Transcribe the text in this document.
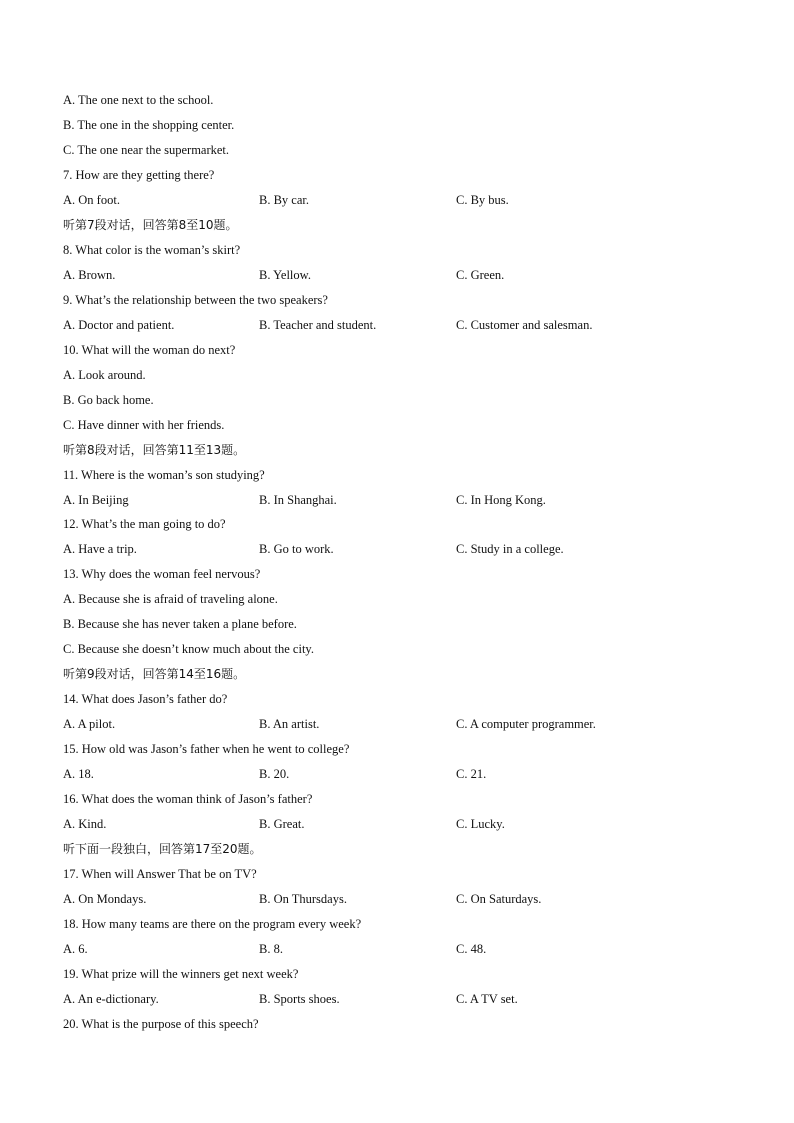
A. The one next to the school.
B. The one in the shopping center.
C. The one near the supermarket.
7. How are they getting there?
A. On foot.	B. By car.	C. By bus.
听第7段对话，回答第8至10题。
8. What color is the woman’s skirt?
A. Brown.	B. Yellow.	C. Green.
9. What’s the relationship between the two speakers?
A. Doctor and patient.	B. Teacher and student.	C. Customer and salesman.
10. What will the woman do next?
A. Look around.
B. Go back home.
C. Have dinner with her friends.
听第8段对话，回答第11至13题。
11. Where is the woman’s son studying?
A. In Beijing	B. In Shanghai.	C. In Hong Kong.
12. What’s the man going to do?
A. Have a trip.	B. Go to work.	C. Study in a college.
13. Why does the woman feel nervous?
A. Because she is afraid of traveling alone.
B. Because she has never taken a plane before.
C. Because she doesn’t know much about the city.
听第9段对话，回答第14至16题。
14. What does Jason’s father do?
A. A pilot.	B. An artist.	C. A computer programmer.
15. How old was Jason’s father when he went to college?
A. 18.	B. 20.	C. 21.
16. What does the woman think of Jason’s father?
A. Kind.	B. Great.	C. Lucky.
听下面一段独白，回答第17至20题。
17. When will Answer That be on TV?
A. On Mondays.	B. On Thursdays.	C. On Saturdays.
18. How many teams are there on the program every week?
A. 6.	B. 8.	C. 48.
19. What prize will the winners get next week?
A. An e-dictionary.	B. Sports shoes.	C. A TV set.
20. What is the purpose of this speech?
